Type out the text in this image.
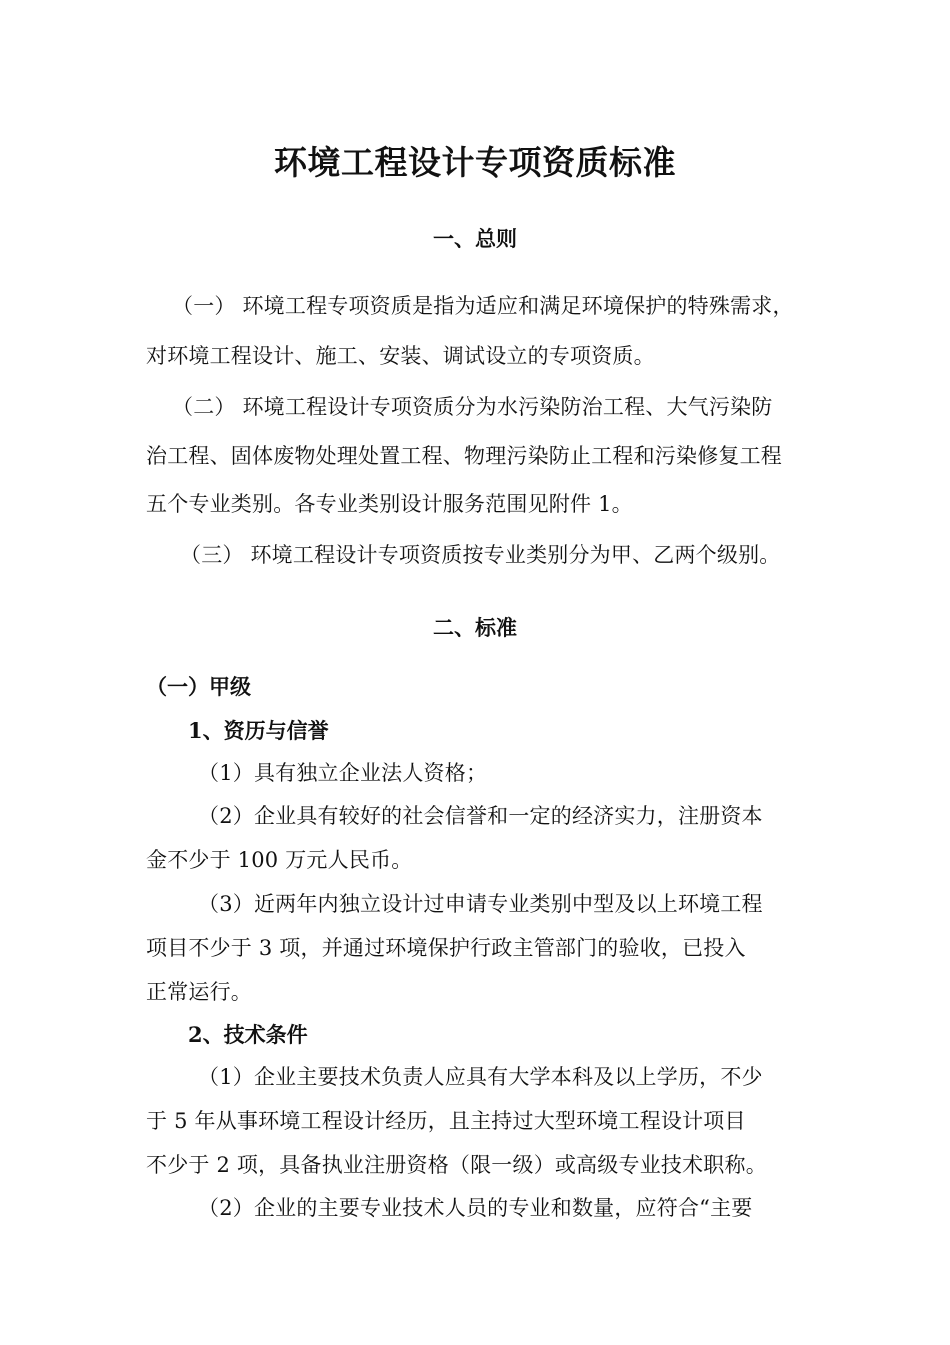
环境工程设计专项资质标准
一、总则
（一） 环境工程专项资质是指为适应和满足环境保护的特殊需求，
对环境工程设计、施工、安装、调试设立的专项资质。
（二） 环境工程设计专项资质分为水污染防治工程、大气污染防
治工程、固体废物处理处置工程、物理污染防止工程和污染修复工程
五个专业类别。各专业类别设计服务范围见附件 1。
（三） 环境工程设计专项资质按专业类别分为甲、乙两个级别。
二、标准
（一）甲级
1、资历与信誉
（1）具有独立企业法人资格；
（2）企业具有较好的社会信誉和一定的经济实力，注册资本
金不少于 100 万元人民币。
（3）近两年内独立设计过申请专业类别中型及以上环境工程
项目不少于 3 项，并通过环境保护行政主管部门的验收，已投入
正常运行。
2、技术条件
（1）企业主要技术负责人应具有大学本科及以上学历，不少
于 5 年从事环境工程设计经历，且主持过大型环境工程设计项目
不少于 2 项，具备执业注册资格（限一级）或高级专业技术职称。
（2）企业的主要专业技术人员的专业和数量，应符合“主要
